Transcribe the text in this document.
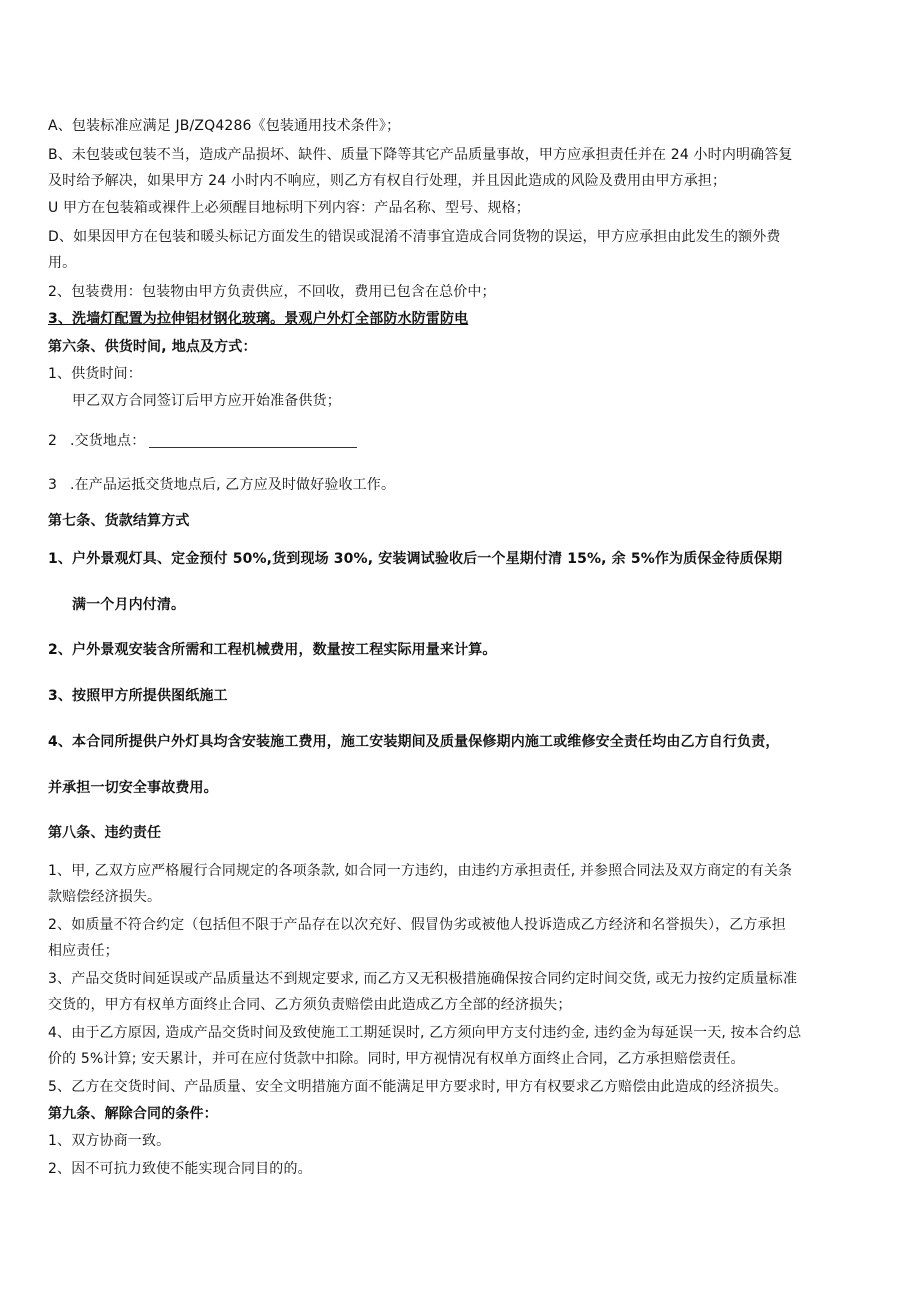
A、包装标准应满足 JB/ZQ4286《包装通用技术条件》；
B、未包装或包装不当，造成产品损坏、缺件、质量下降等其它产品质量事故，甲方应承担责任并在 24 小时内明确答复
及时给予解决，如果甲方 24 小时内不响应，则乙方有权自行处理，并且因此造成的风险及费用由甲方承担；
U 甲方在包装箱或裸件上必须醒目地标明下列内容：产品名称、型号、规格；
D、如果因甲方在包装和暖头标记方面发生的错误或混淆不清事宜造成合同货物的误运，甲方应承担由此发生的额外费
用。
2、包装费用：包装物由甲方负责供应，不回收，费用已包含在总价中；
3、洗墙灯配置为拉伸铝材钢化玻璃。景观户外灯全部防水防雷防电
第六条、供货时间, 地点及方式：
1、供货时间：
甲乙双方合同签订后甲方应开始准备供货；
2 .交货地点：
3 .在产品运抵交货地点后, 乙方应及时做好验收工作。
第七条、货款结算方式
1、户外景观灯具、定金预付 50%,货到现场 30%, 安装调试验收后一个星期付清 15%, 余 5%作为质保金待质保期
满一个月内付清。
2、户外景观安装含所需和工程机械费用，数量按工程实际用量来计算。
3、按照甲方所提供图纸施工
4、本合同所提供户外灯具均含安装施工费用，施工安装期间及质量保修期内施工或维修安全责任均由乙方自行负责，
并承担一切安全事故费用。
第八条、违约责任
1、甲, 乙双方应严格履行合同规定的各项条款, 如合同一方违约，由违约方承担责任, 并参照合同法及双方商定的有关条
款赔偿经济损失。
2、如质量不符合约定（包括但不限于产品存在以次充好、假冒伪劣或被他人投诉造成乙方经济和名誉损失），乙方承担
相应责任；
3、产品交货时间延误或产品质量达不到规定要求, 而乙方又无积极措施确保按合同约定时间交货, 或无力按约定质量标准
交货的，甲方有权单方面终止合同、乙方须负责赔偿由此造成乙方全部的经济损失；
4、由于乙方原因, 造成产品交货时间及致使施工工期延误时, 乙方须向甲方支付违约金, 违约金为每延误一天, 按本合约总
价的 5%计算; 安天累计，并可在应付货款中扣除。同时, 甲方视情况有权单方面终止合同，乙方承担赔偿责任。
5、乙方在交货时间、产品质量、安全文明措施方面不能满足甲方要求时, 甲方有权要求乙方赔偿由此造成的经济损失。
第九条、解除合同的条件：
1、双方协商一致。
2、因不可抗力致使不能实现合同目的的。
